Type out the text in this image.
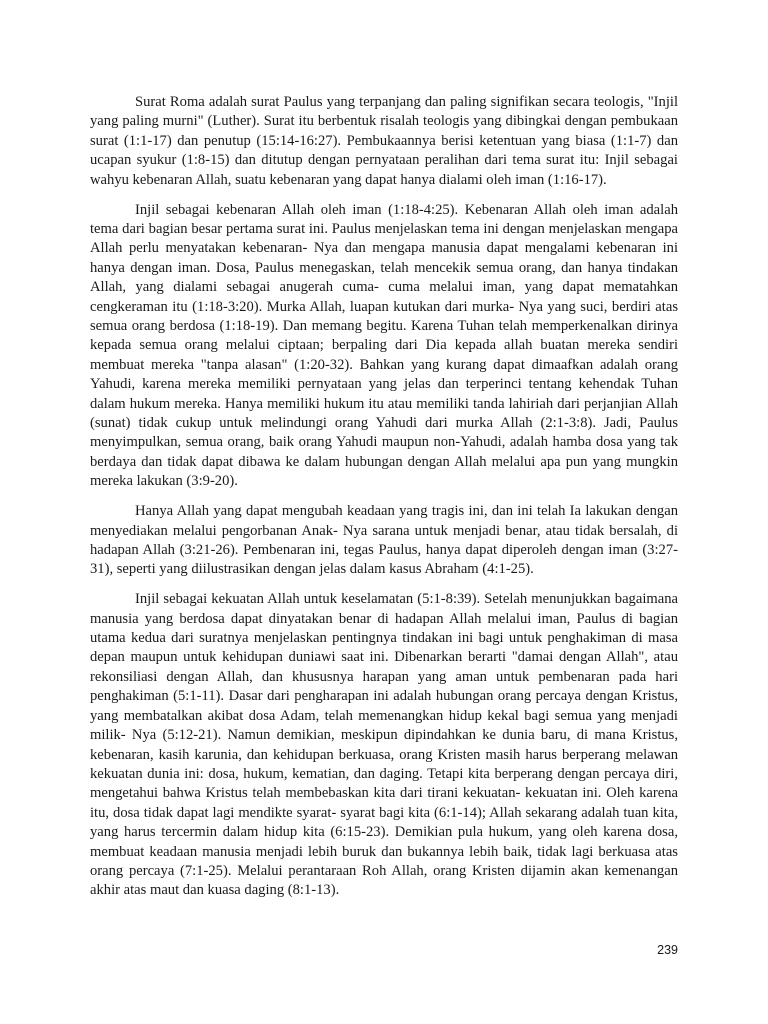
Surat Roma adalah surat Paulus yang terpanjang dan paling signifikan secara teologis, "Injil yang paling murni" (Luther). Surat itu berbentuk risalah teologis yang dibingkai dengan pembukaan surat (1:1-17) dan penutup (15:14-16:27). Pembukaannya berisi ketentuan yang biasa (1:1-7) dan ucapan syukur (1:8-15) dan ditutup dengan pernyataan peralihan dari tema surat itu: Injil sebagai wahyu kebenaran Allah, suatu kebenaran yang dapat hanya dialami oleh iman (1:16-17).

Injil sebagai kebenaran Allah oleh iman (1:18-4:25). Kebenaran Allah oleh iman adalah tema dari bagian besar pertama surat ini. Paulus menjelaskan tema ini dengan menjelaskan mengapa Allah perlu menyatakan kebenaran- Nya dan mengapa manusia dapat mengalami kebenaran ini hanya dengan iman. Dosa, Paulus menegaskan, telah mencekik semua orang, dan hanya tindakan Allah, yang dialami sebagai anugerah cuma- cuma melalui iman, yang dapat mematahkan cengkeraman itu (1:18-3:20). Murka Allah, luapan kutukan dari murka- Nya yang suci, berdiri atas semua orang berdosa (1:18-19). Dan memang begitu. Karena Tuhan telah memperkenalkan dirinya kepada semua orang melalui ciptaan; berpaling dari Dia kepada allah buatan mereka sendiri membuat mereka "tanpa alasan" (1:20-32). Bahkan yang kurang dapat dimaafkan adalah orang Yahudi, karena mereka memiliki pernyataan yang jelas dan terperinci tentang kehendak Tuhan dalam hukum mereka. Hanya memiliki hukum itu atau memiliki tanda lahiriah dari perjanjian Allah (sunat) tidak cukup untuk melindungi orang Yahudi dari murka Allah (2:1-3:8). Jadi, Paulus menyimpulkan, semua orang, baik orang Yahudi maupun non-Yahudi, adalah hamba dosa yang tak berdaya dan tidak dapat dibawa ke dalam hubungan dengan Allah melalui apa pun yang mungkin mereka lakukan (3:9-20).

Hanya Allah yang dapat mengubah keadaan yang tragis ini, dan ini telah Ia lakukan dengan menyediakan melalui pengorbanan Anak- Nya sarana untuk menjadi benar, atau tidak bersalah, di hadapan Allah (3:21-26). Pembenaran ini, tegas Paulus, hanya dapat diperoleh dengan iman (3:27-31), seperti yang diilustrasikan dengan jelas dalam kasus Abraham (4:1-25).

Injil sebagai kekuatan Allah untuk keselamatan (5:1-8:39). Setelah menunjukkan bagaimana manusia yang berdosa dapat dinyatakan benar di hadapan Allah melalui iman, Paulus di bagian utama kedua dari suratnya menjelaskan pentingnya tindakan ini bagi untuk penghakiman di masa depan maupun untuk kehidupan duniawi saat ini. Dibenarkan berarti "damai dengan Allah", atau rekonsiliasi dengan Allah, dan khususnya harapan yang aman untuk pembenaran pada hari penghakiman (5:1-11). Dasar dari pengharapan ini adalah hubungan orang percaya dengan Kristus, yang membatalkan akibat dosa Adam, telah memenangkan hidup kekal bagi semua yang menjadi milik- Nya (5:12-21). Namun demikian, meskipun dipindahkan ke dunia baru, di mana Kristus, kebenaran, kasih karunia, dan kehidupan berkuasa, orang Kristen masih harus berperang melawan kekuatan dunia ini: dosa, hukum, kematian, dan daging. Tetapi kita berperang dengan percaya diri, mengetahui bahwa Kristus telah membebaskan kita dari tirani kekuatan- kekuatan ini. Oleh karena itu, dosa tidak dapat lagi mendikte syarat- syarat bagi kita (6:1-14); Allah sekarang adalah tuan kita, yang harus tercermin dalam hidup kita (6:15-23). Demikian pula hukum, yang oleh karena dosa, membuat keadaan manusia menjadi lebih buruk dan bukannya lebih baik, tidak lagi berkuasa atas orang percaya (7:1-25). Melalui perantaraan Roh Allah, orang Kristen dijamin akan kemenangan akhir atas maut dan kuasa daging (8:1-13).

239
